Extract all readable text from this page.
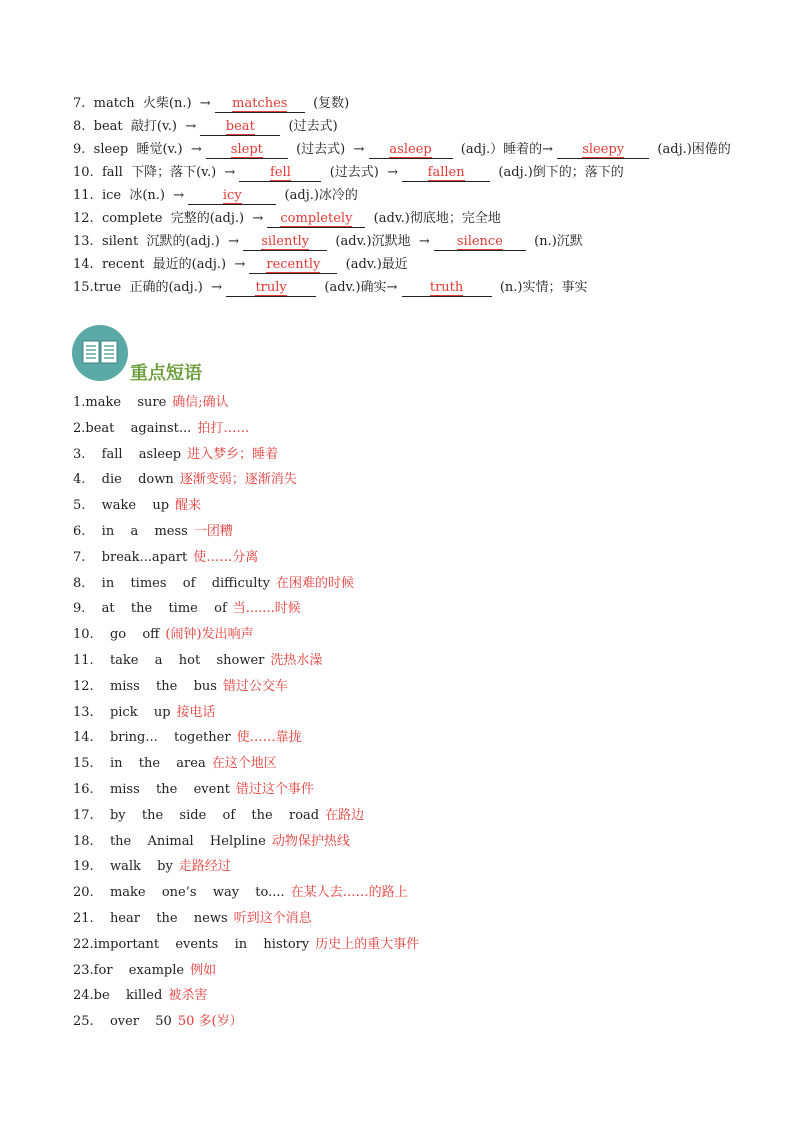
7.  match  火柴(n.)  → matches  (复数)
8.  beat  敲打(v.)  → beat  (过去式)
9.  sleep  睡觉(v.)  → slept  (过去式)  → asleep  (adj.）睡着的→ sleepy  (adj.)困倦的
10.  fall  下降；落下(v.)  → fell  (过去式)  → fallen  (adj.)倒下的；落下的
11.  ice  冰(n.)  →	icy	(adj.)冰冷的
12.  complete  完整的(adj.)  → completely  (adv.)彻底地；完全地
13.  silent  沉默的(adj.)  → silently  (adv.)沉默地  → silence  (n.)沉默
14.  recent  最近的(adj.)  → recently  (adv.)最近
15.true  正确的(adj.)  → truly  (adv.)确实→ truth  (n.)实情；事实
重点短语
1.make  sure 确信;确认
2.beat  against... 拍打……
3.  fall  asleep 进入梦乡；睡着
4.  die  down 逐渐变弱；逐渐消失
5.  wake  up 醒来
6.  in  a  mess 一团糟
7.  break...apart 使……分离
8.  in  times  of  difficulty 在困难的时候
9.  at  the  time  of 当.......时候
10.  go  off (闹钟)发出响声
11.  take  a  hot  shower 洗热水澡
12.  miss  the  bus 错过公交车
13.  pick  up 接电话
14.  bring...  together 使……靠拢
15.  in  the  area 在这个地区
16.  miss  the  event 错过这个事件
17.  by  the  side  of  the  road 在路边
18.  the  Animal  Helpline 动物保护热线
19.  walk  by 走路经过
20.  make  one’s  way  to.... 在某人去……的路上
21.  hear  the  news 听到这个消息
22.important  events  in  history 历史上的重大事件
23.for  example 例如
24.be  killed 被杀害
25.  over  50 50 多(岁）
